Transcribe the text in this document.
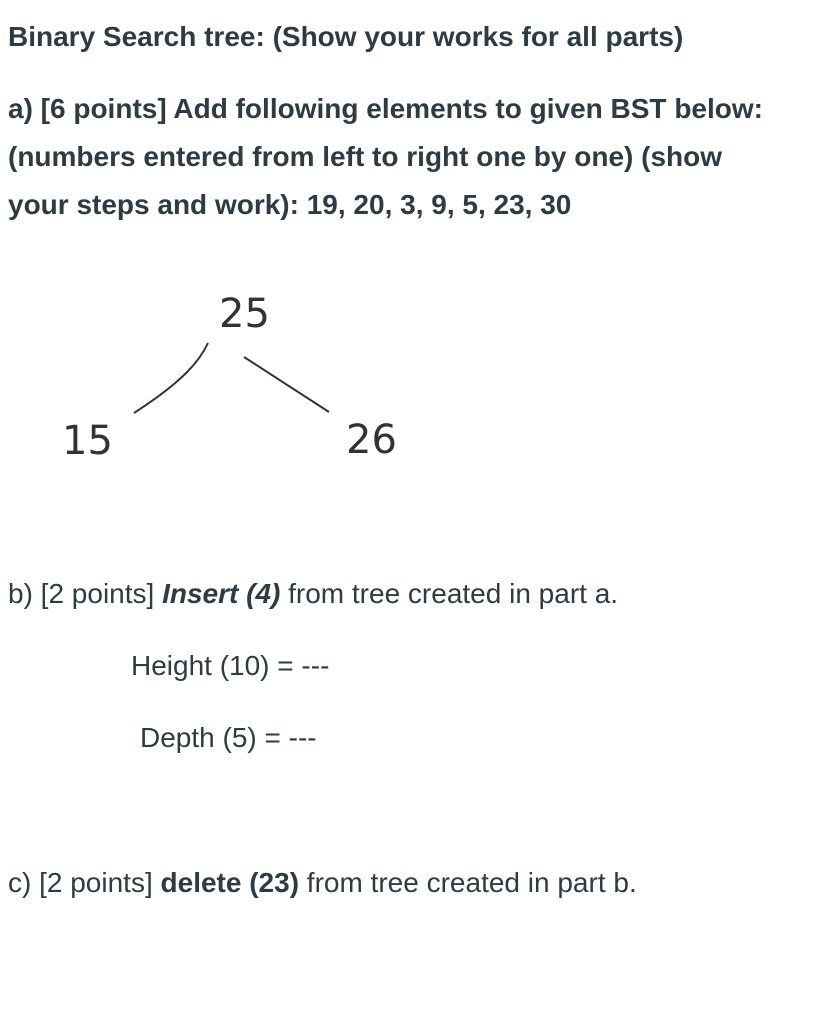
Binary Search tree: (Show your works for all parts)
a) [6 points] Add following elements to given BST below:
(numbers entered from left to right one by one) (show
your steps and work): 19, 20, 3, 9, 5, 23, 30
25
15	26
b) [2 points] Insert (4) from tree created in part a.
Height (10) = ---
Depth (5) = ---
c) [2 points] delete (23) from tree created in part b.
